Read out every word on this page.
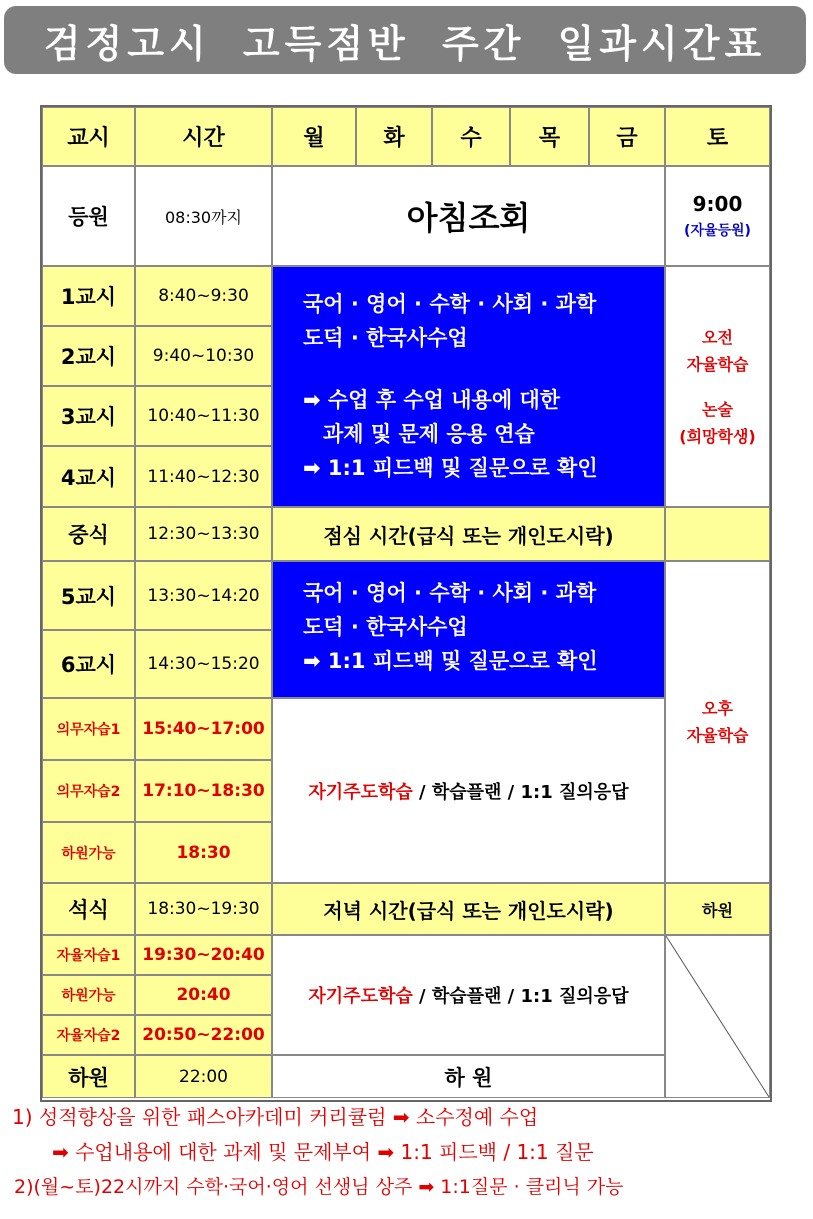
검정고시 고득점반 주간 일과시간표
교시	시간	월	화	수	목	금	토
등원	08:30까지	아침조회	9:00
(자율등원)
1교시	8:40~9:30
2교시	9:40~10:30
3교시	10:40~11:30
4교시	11:40~12:30

국어 · 영어 · 수학 · 사회 · 과학

도덕 · 한국사수업

➡ 수업 후 수업 내용에 대한

과제 및 문제 응용 연습

➡ 1:1 피드백 및 질문으로 확인

오전
자율학습
논술
(희망학생)
중식	12:30~13:30	점심 시간(급식 또는 개인도시락)
5교시	13:30~14:20
6교시	14:30~15:20

국어 · 영어 · 수학 · 사회 · 과학

도덕 · 한국사수업

➡ 1:1 피드백 및 질문으로 확인

오후
자율학습
의무자습1	15:40~17:00
의무자습2	17:10~18:30
하원가능	18:30
자기주도학습 / 학습플랜 / 1:1 질의응답
석식	18:30~19:30	저녁 시간(급식 또는 개인도시락)	하원
자율자습1	19:30~20:40
하원가능	20:40
자율자습2	20:50~22:00
자기주도학습 / 학습플랜 / 1:1 질의응답
하원	22:00	하 원
1) 성적향상을 위한 패스아카데미 커리큘럼 ➡ 소수정예 수업
➡ 수업내용에 대한 과제 및 문제부여 ➡ 1:1 피드백 / 1:1 질문
2)(월~토)22시까지 수학·국어·영어 선생님 상주 ➡ 1:1질문 · 클리닉 가능
